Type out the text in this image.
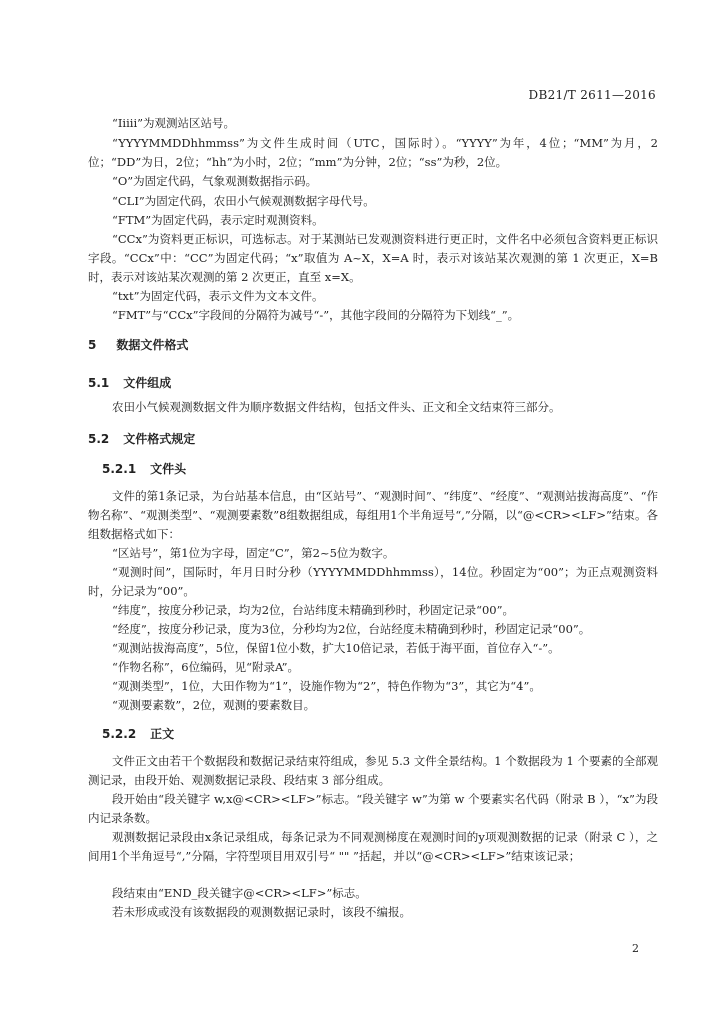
DB21/T 2611—2016
“Iiiii”为观测站区站号。
“YYYYMMDDhhmmss”为文件生成时间（UTC，国际时）。“YYYY”为年，4位；“MM”为月，2位；“DD”为日，2位；“hh”为小时，2位；“mm”为分钟，2位；“ss”为秒，2位。
“O”为固定代码，气象观测数据指示码。
“CLI”为固定代码，农田小气候观测数据字母代号。
“FTM”为固定代码，表示定时观测资料。
“CCx”为资料更正标识，可选标志。对于某测站已发观测资料进行更正时，文件名中必须包含资料更正标识字段。“CCx”中：“CC”为固定代码；“x”取值为 A~X，X=A 时，表示对该站某次观测的第 1 次更正，X=B 时，表示对该站某次观测的第 2 次更正，直至 x=X。
“txt”为固定代码，表示文件为文本文件。
“FMT”与“CCx”字段间的分隔符为减号“-”，其他字段间的分隔符为下划线“_”。
5 数据文件格式
5.1 文件组成
农田小气候观测数据文件为顺序数据文件结构，包括文件头、正文和全文结束符三部分。
5.2 文件格式规定
5.2.1 文件头
文件的第1条记录，为台站基本信息，由“区站号”、“观测时间”、“纬度”、“经度”、“观测站拔海高度”、“作物名称”、“观测类型”、“观测要素数”8组数据组成，每组用1个半角逗号“,”分隔，以“@<CR><LF>”结束。各组数据格式如下：
“区站号”，第1位为字母，固定“C”，第2~5位为数字。
“观测时间”，国际时，年月日时分秒（YYYYMMDDhhmmss），14位。秒固定为“00”；为正点观测资料时，分记录为“00”。
“纬度”，按度分秒记录，均为2位，台站纬度未精确到秒时，秒固定记录“00”。
“经度”，按度分秒记录，度为3位，分秒均为2位，台站经度未精确到秒时，秒固定记录“00”。
“观测站拔海高度”，5位，保留1位小数，扩大10倍记录，若低于海平面，首位存入“-”。
“作物名称”，6位编码，见“附录A”。
“观测类型”，1位，大田作物为“1”，设施作物为“2”，特色作物为“3”，其它为“4”。
“观测要素数”，2位，观测的要素数目。
5.2.2 正文
文件正文由若干个数据段和数据记录结束符组成，参见 5.3 文件全景结构。1 个数据段为 1 个要素的全部观测记录，由段开始、观测数据记录段、段结束 3 部分组成。
段开始由“段关键字 w,x@<CR><LF>”标志。“段关键字 w”为第 w 个要素实名代码（附录 B ），“x”为段内记录条数。
观测数据记录段由x条记录组成，每条记录为不同观测梯度在观测时间的y项观测数据的记录（附录 C ），之间用1个半角逗号“,”分隔，字符型项目用双引号“ "" ”括起，并以“@<CR><LF>”结束该记录；
段结束由“END_段关键字@<CR><LF>”标志。
若未形成或没有该数据段的观测数据记录时，该段不编报。
2
